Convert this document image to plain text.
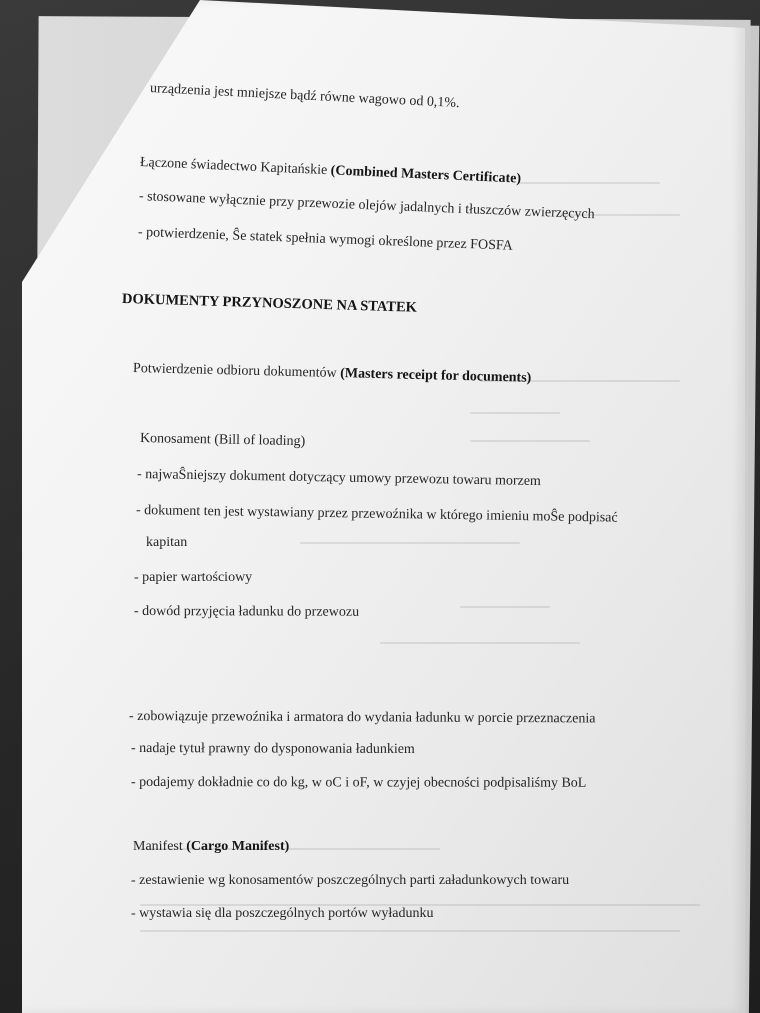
urządzenia jest mniejsze bądź równe wagowo od 0,1%.

Łączone świadectwo Kapitańskie (Combined Masters Certificate)

- stosowane wyłącznie przy przewozie olejów jadalnych i tłuszczów zwierzęcych

- potwierdzenie, Ŝe statek spełnia wymogi określone przez FOSFA

DOKUMENTY PRZYNOSZONE NA STATEK

Potwierdzenie odbioru dokumentów (Masters receipt for documents)

Konosament (Bill of loading)

- najwaŜniejszy dokument dotyczący umowy przewozu towaru morzem

- dokument ten jest wystawiany przez przewoźnika w którego imieniu moŜe podpisać

kapitan

- papier wartościowy

- dowód przyjęcia ładunku do przewozu

- zobowiązuje przewoźnika i armatora do wydania ładunku w porcie przeznaczenia

- nadaje tytuł prawny do dysponowania ładunkiem

- podajemy dokładnie co do kg, w oC i oF, w czyjej obecności podpisaliśmy BoL

Manifest (Cargo Manifest)

- zestawienie wg konosamentów poszczególnych parti załadunkowych towaru

- wystawia się dla poszczególnych portów wyładunku
